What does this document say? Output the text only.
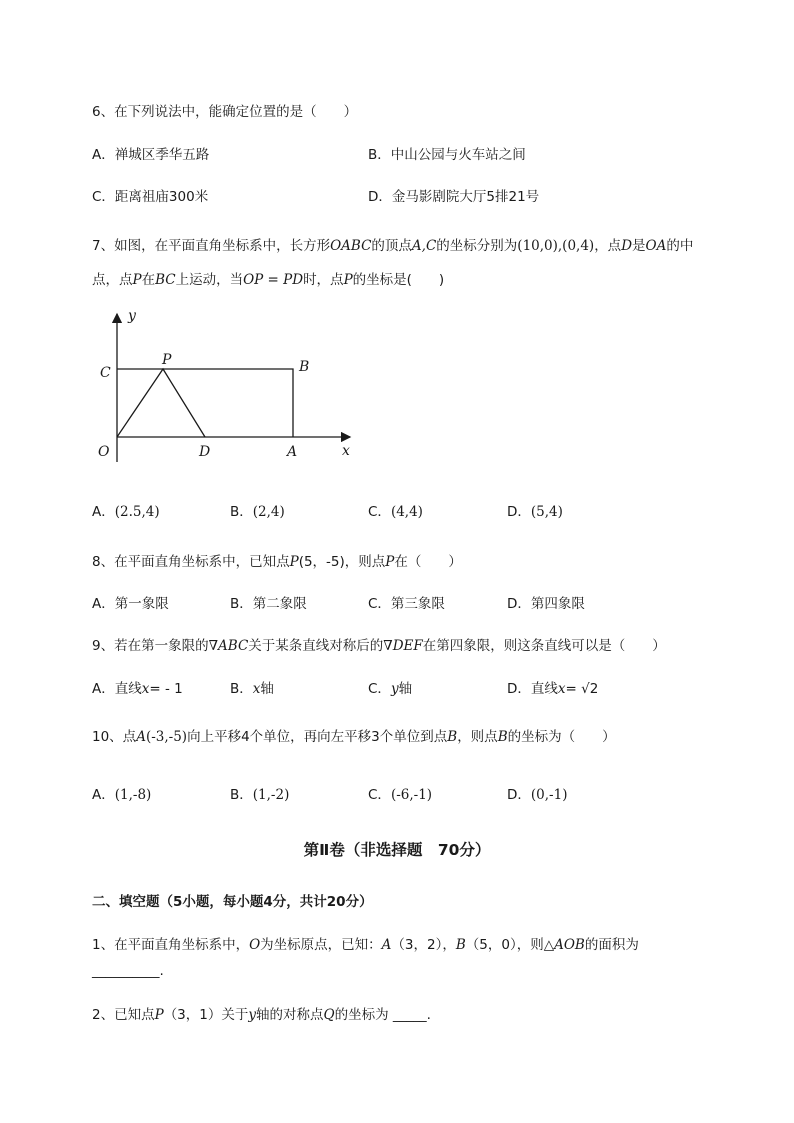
6、在下列说法中，能确定位置的是（　　）
A．禅城区季华五路	B．中山公园与火车站之间
C．距离祖庙300米	D．金马影剧院大厅5排21号
7、如图，在平面直角坐标系中，长方形OABC的顶点A,C的坐标分别为(10,0),(0,4)，点D是OA的中
点，点P在BC上运动，当OP = PD时，点P的坐标是(　　)
y
x
O
C
P	B
D	A
A．(2.5,4)	B．(2,4)	C．(4,4)	D．(5,4)
8、在平面直角坐标系中，已知点P(5，-5)，则点P在（　　）
A．第一象限	B．第二象限	C．第三象限	D．第四象限
9、若在第一象限的∇ABC关于某条直线对称后的∇DEF在第四象限，则这条直线可以是（　　）
A．直线x= - 1	B．x轴	C．y轴	D．直线x= √2
10、点A(-3,-5)向上平移4个单位，再向左平移3个单位到点B，则点B的坐标为（　　）
A．(1,-8)	B．(1,-2)	C．(-6,-1)	D．(0,-1)
第Ⅱ卷（非选择题　70分）
二、填空题（5小题，每小题4分，共计20分）
1、在平面直角坐标系中，O为坐标原点，已知：A（3，2），B（5，0），则△AOB的面积为
__________.
2、已知点P（3，1）关于y轴的对称点Q的坐标为 _____.
